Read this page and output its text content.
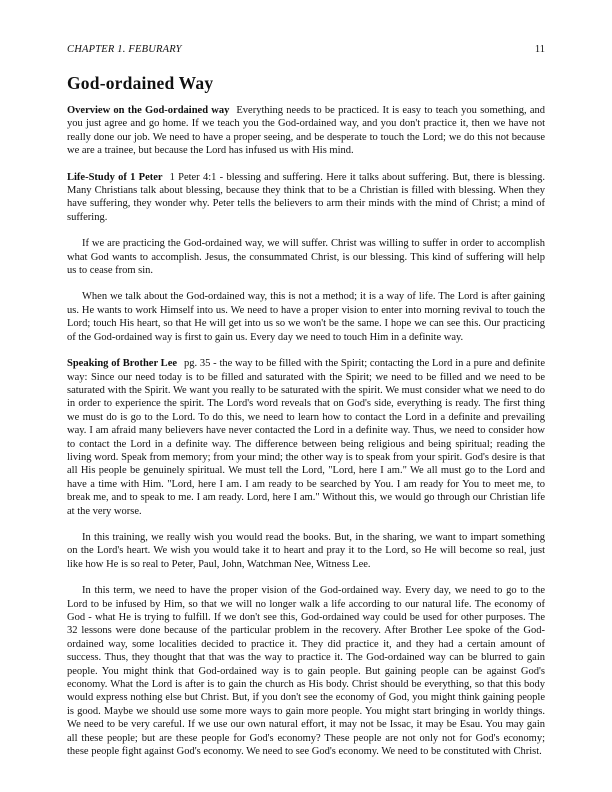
CHAPTER 1. FEBURARY	11
God-ordained Way

Overview on the God-ordained way Everything needs to be practiced. It is easy to teach you something, and you just agree and go home. If we teach you the God-ordained way, and you don't practice it, then we have not really done our job. We need to have a proper seeing, and be desperate to touch the Lord; we do this not because we are a trainee, but because the Lord has infused us with His mind.

Life-Study of 1 Peter 1 Peter 4:1 - blessing and suffering. Here it talks about suffering. But, there is blessing. Many Christians talk about blessing, because they think that to be a Christian is filled with blessing. When they have suffering, they wonder why. Peter tells the believers to arm their minds with the mind of Christ; a mind of suffering.

If we are practicing the God-ordained way, we will suffer. Christ was willing to suffer in order to accomplish what God wants to accomplish. Jesus, the consummated Christ, is our blessing. This kind of suffering will help us to cease from sin.

When we talk about the God-ordained way, this is not a method; it is a way of life. The Lord is after gaining us. He wants to work Himself into us. We need to have a proper vision to enter into morning revival to touch the Lord; touch His heart, so that He will get into us so we won't be the same. I hope we can see this. Our practicing of the God-ordained way is first to gain us. Every day we need to touch Him in a definite way.

Speaking of Brother Lee pg. 35 - the way to be filled with the Spirit; contacting the Lord in a pure and definite way: Since our need today is to be filled and saturated with the Spirit; we need to be filled and we need to be saturated with the Spirit. We want you really to be saturated with the spirit. We must consider what we need to do in order to experience the spirit. The Lord's word reveals that on God's side, everything is ready. The first thing we must do is go to the Lord. To do this, we need to learn how to contact the Lord in a definite and prevailing way. I am afraid many believers have never contacted the Lord in a definite way. Thus, we need to consider how to contact the Lord in a definite way. The difference between being religious and being spiritual; reading the living word. Speak from memory; from your mind; the other way is to speak from your spirit. God's desire is that all His people be genuinely spiritual. We must tell the Lord, "Lord, here I am." We all must go to the Lord and have a time with Him. "Lord, here I am. I am ready to be searched by You. I am ready for You to meet me, to break me, and to speak to me. I am ready. Lord, here I am." Without this, we would go through our Christian life at the very worse.

In this training, we really wish you would read the books. But, in the sharing, we want to impart something on the Lord's heart. We wish you would take it to heart and pray it to the Lord, so He will become so real, just like how He is so real to Peter, Paul, John, Watchman Nee, Witness Lee.

In this term, we need to have the proper vision of the God-ordained way. Every day, we need to go to the Lord to be infused by Him, so that we will no longer walk a life according to our natural life. The economy of God - what He is trying to fulfill. If we don't see this, God-ordained way could be used for other purposes. The 32 lessons were done because of the particular problem in the recovery. After Brother Lee spoke of the God-ordained way, some localities decided to practice it. They did practice it, and they had a certain amount of success. Thus, they thought that that was the way to practice it. The God-ordained way can be blurred to gain people. You might think that God-ordained way is to gain people. But gaining people can be against God's economy. What the Lord is after is to gain the church as His body. Christ should be everything, so that this body would express nothing else but Christ. But, if you don't see the economy of God, you might think gaining people is good. Maybe we should use some more ways to gain more people. You might start bringing in worldy things. We need to be very careful. If we use our own natural effort, it may not be Issac, it may be Esau. You may gain all these people; but are these people for God's economy? These people are not only not for God's economy; these people fight against God's economy. We need to see God's economy. We need to be constituted with Christ.
